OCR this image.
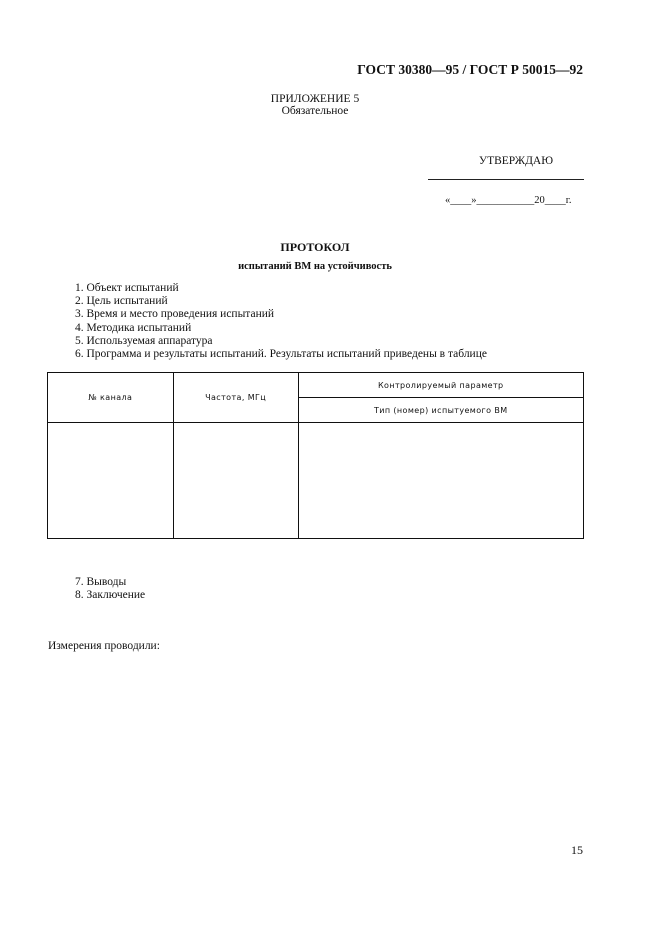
ГОСТ 30380—95 / ГОСТ Р 50015—92
ПРИЛОЖЕНИЕ 5
Обязательное
УТВЕРЖДАЮ
«____»___________20____г.
ПРОТОКОЛ
испытаний ВМ на устойчивость
1. Объект испытаний
2. Цель испытаний
3. Время и место проведения испытаний
4. Методика испытаний
5. Используемая аппаратура
6. Программа и результаты испытаний. Результаты испытаний приведены в таблице
№ канала	Частота, МГц	Контролируемый параметр
		Тип (номер) испытуемого ВМ

7. Выводы
8. Заключение
Измерения проводили:
15
